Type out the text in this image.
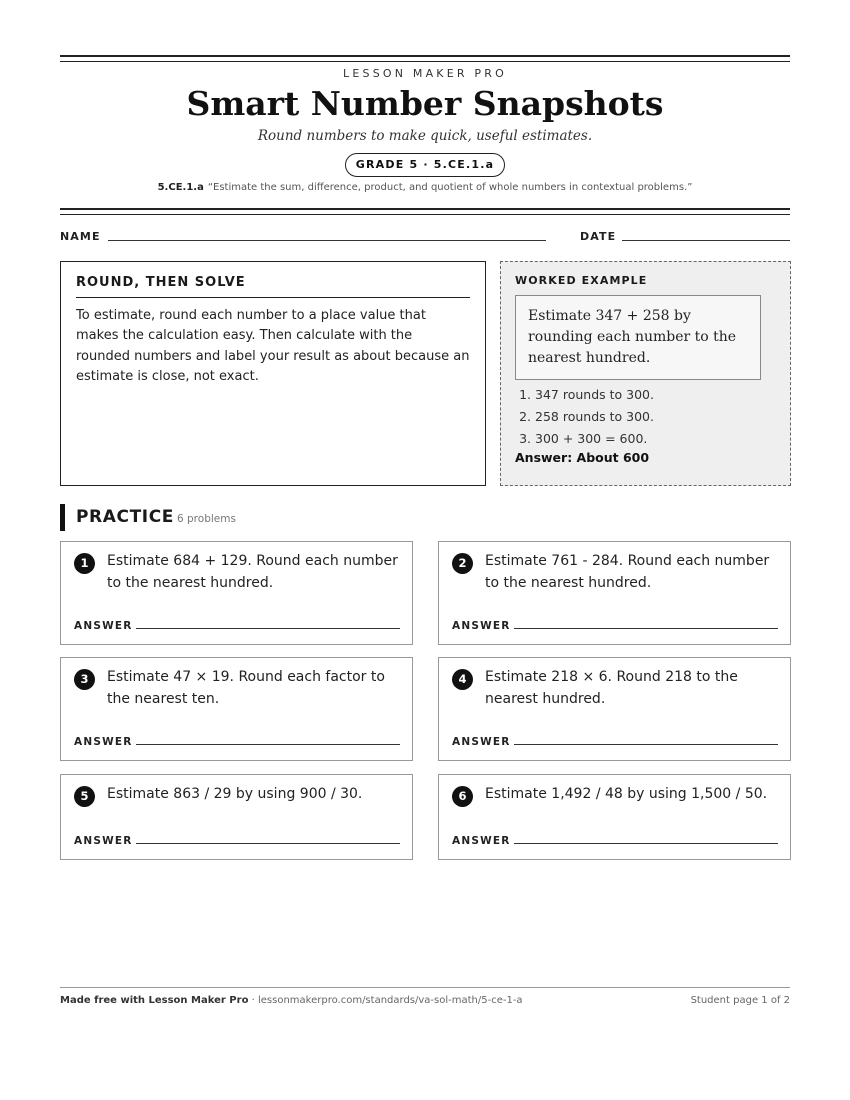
LESSON MAKER PRO
Smart Number Snapshots
Round numbers to make quick, useful estimates.
GRADE 5 · 5.CE.1.a
5.CE.1.a “Estimate the sum, difference, product, and quotient of whole numbers in contextual problems.”
NAME	DATE
ROUND, THEN SOLVE
To estimate, round each number to a place value that makes the calculation easy. Then calculate with the rounded numbers and label your result as about because an estimate is close, not exact.
WORKED EXAMPLE
Estimate 347 + 258 by rounding each number to the nearest hundred.
1. 347 rounds to 300.
2. 258 rounds to 300.
3. 300 + 300 = 600.
Answer: About 600
PRACTICE 6 problems
1	Estimate 684 + 129. Round each number to the nearest hundred.
ANSWER
2	Estimate 761 - 284. Round each number to the nearest hundred.
ANSWER
3	Estimate 47 × 19. Round each factor to the nearest ten.
ANSWER
4	Estimate 218 × 6. Round 218 to the nearest hundred.
ANSWER
5	Estimate 863 / 29 by using 900 / 30.
ANSWER
6	Estimate 1,492 / 48 by using 1,500 / 50.
ANSWER
Made free with Lesson Maker Pro · lessonmakerpro.com/standards/va-sol-math/5-ce-1-a	Student page 1 of 2
